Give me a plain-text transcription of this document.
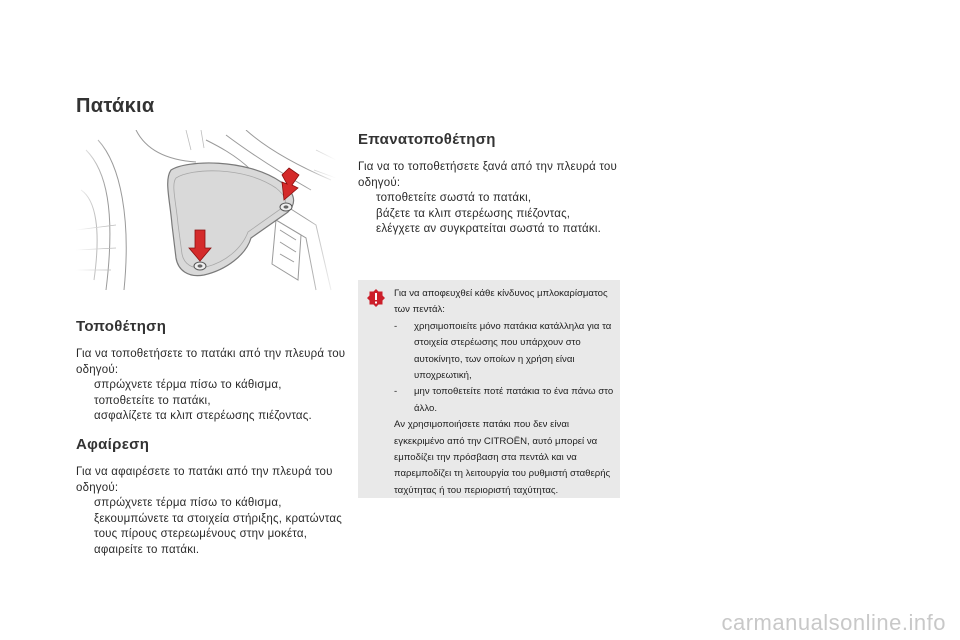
Πατάκια
Τοποθέτηση

Για να τοποθετήσετε το πατάκι από την πλευρά του οδηγού:

σπρώχνετε τέρμα πίσω το κάθισμα,
τοποθετείτε το πατάκι,
ασφαλίζετε τα κλιπ στερέωσης πιέζοντας.
Αφαίρεση

Για να αφαιρέσετε το πατάκι από την πλευρά του οδηγού:

σπρώχνετε τέρμα πίσω το κάθισμα,
ξεκουμπώνετε τα στοιχεία στήριξης, κρατώντας τους πίρους στερεωμένους στην μοκέτα,
αφαιρείτε το πατάκι.
Επανατοποθέτηση

Για να το τοποθετήσετε ξανά από την πλευρά του οδηγού:

τοποθετείτε σωστά το πατάκι,
βάζετε τα κλιπ στερέωσης πιέζοντας,
ελέγχετε αν συγκρατείται σωστά το πατάκι.

Για να αποφευχθεί κάθε κίνδυνος μπλοκαρίσματος των πεντάλ:

- χρησιμοποιείτε μόνο πατάκια κατάλληλα για τα στοιχεία στερέωσης που υπάρχουν στο αυτοκίνητο, των οποίων η χρήση είναι υποχρεωτική,

- μην τοποθετείτε ποτέ πατάκια το ένα πάνω στο άλλο.

Αν χρησιμοποιήσετε πατάκι που δεν είναι εγκεκριμένο από την CITROËN, αυτό μπορεί να εμποδίζει την πρόσβαση στα πεντάλ και να παρεμποδίζει τη λειτουργία του ρυθμιστή σταθερής ταχύτητας ή του περιοριστή ταχύτητας.

carmanualsonline.info
